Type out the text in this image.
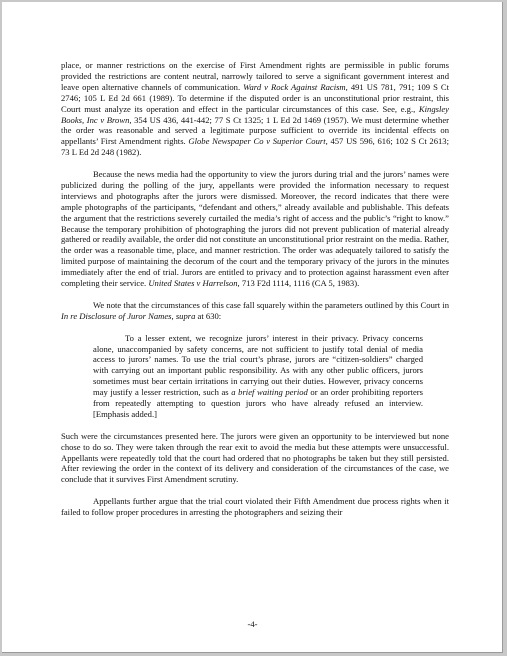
place, or manner restrictions on the exercise of First Amendment rights are permissible in public forums provided the restrictions are content neutral, narrowly tailored to serve a significant government interest and leave open alternative channels of communication. Ward v Rock Against Racism, 491 US 781, 791; 109 S Ct 2746; 105 L Ed 2d 661 (1989). To determine if the disputed order is an unconstitutional prior restraint, this Court must analyze its operation and effect in the particular circumstances of this case. See, e.g., Kingsley Books, Inc v Brown, 354 US 436, 441-442; 77 S Ct 1325; 1 L Ed 2d 1469 (1957). We must determine whether the order was reasonable and served a legitimate purpose sufficient to override its incidental effects on appellants’ First Amendment rights. Globe Newspaper Co v Superior Court, 457 US 596, 616; 102 S Ct 2613; 73 L Ed 2d 248 (1982).

Because the news media had the opportunity to view the jurors during trial and the jurors’ names were publicized during the polling of the jury, appellants were provided the information necessary to request interviews and photographs after the jurors were dismissed. Moreover, the record indicates that there were ample photographs of the participants, “defendant and others,” already available and publishable. This defeats the argument that the restrictions severely curtailed the media’s right of access and the public’s “right to know.” Because the temporary prohibition of photographing the jurors did not prevent publication of material already gathered or readily available, the order did not constitute an unconstitutional prior restraint on the media. Rather, the order was a reasonable time, place, and manner restriction. The order was adequately tailored to satisfy the limited purpose of maintaining the decorum of the court and the temporary privacy of the jurors in the minutes immediately after the end of trial. Jurors are entitled to privacy and to protection against harassment even after completing their service. United States v Harrelson, 713 F2d 1114, 1116 (CA 5, 1983).

We note that the circumstances of this case fall squarely within the parameters outlined by this Court in In re Disclosure of Juror Names, supra at 630:

To a lesser extent, we recognize jurors’ interest in their privacy. Privacy concerns alone, unaccompanied by safety concerns, are not sufficient to justify total denial of media access to jurors’ names. To use the trial court’s phrase, jurors are “citizen-soldiers” charged with carrying out an important public responsibility. As with any other public officers, jurors sometimes must bear certain irritations in carrying out their duties. However, privacy concerns may justify a lesser restriction, such as a brief waiting period or an order prohibiting reporters from repeatedly attempting to question jurors who have already refused an interview. [Emphasis added.]

Such were the circumstances presented here. The jurors were given an opportunity to be interviewed but none chose to do so. They were taken through the rear exit to avoid the media but these attempts were unsuccessful. Appellants were repeatedly told that the court had ordered that no photographs be taken but they still persisted. After reviewing the order in the context of its delivery and consideration of the circumstances of the case, we conclude that it survives First Amendment scrutiny.

Appellants further argue that the trial court violated their Fifth Amendment due process rights when it failed to follow proper procedures in arresting the photographers and seizing their

-4-
